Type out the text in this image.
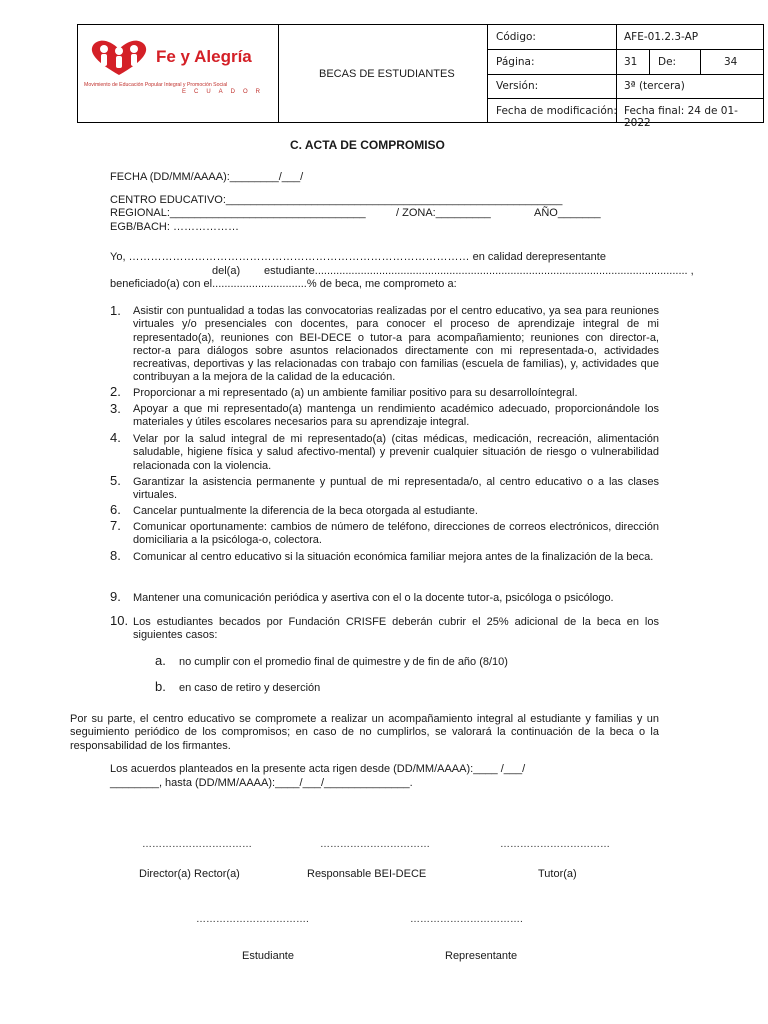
Fe y Alegría
Movimiento de Educación Popular Integral y Promoción Social
ECUADOR
BECAS DE ESTUDIANTES
Código:	AFE-01.2.3-AP
Página:	31 De:	34
Versión:	3ª (tercera)
Fecha de modificación: Fecha final: 24 de 01-2022
C. ACTA DE COMPROMISO
FECHA (DD/MM/AAAA):________/___/
CENTRO EDUCATIVO:_______________________________________________________
REGIONAL:________________________________	/ ZONA:_________	AÑO_______
EGB/BACH: ………………
Yo, ………………………………………………………………………………… en calidad derepresentante
del(a) estudiante.......................................................................................................................... ,
beneficiado(a) con el...............................% de beca, me comprometo a:
1. Asistir con puntualidad a todas las convocatorias realizadas por el centro educativo, ya sea para reuniones virtuales y/o presenciales con docentes, para conocer el proceso de aprendizaje integral de mi representado(a), reuniones con BEI-DECE o tutor-a para acompañamiento; reuniones con director-a, rector-a para diálogos sobre asuntos relacionados directamente con mi representada-o, actividades recreativas, deportivas y las relacionadas con trabajo con familias (escuela de familias), y, actividades que contribuyan a la mejora de la calidad de la educación.
2. Proporcionar a mi representado (a) un ambiente familiar positivo para su desarrolloíntegral.
3. Apoyar a que mi representado(a) mantenga un rendimiento académico adecuado, proporcionándole los materiales y útiles escolares necesarios para su aprendizaje integral.
4. Velar por la salud integral de mi representado(a) (citas médicas, medicación, recreación, alimentación saludable, higiene física y salud afectivo-mental) y prevenir cualquier situación de riesgo o vulnerabilidad relacionada con la violencia.
5. Garantizar la asistencia permanente y puntual de mi representada/o, al centro educativo o a las clases virtuales.
6. Cancelar puntualmente la diferencia de la beca otorgada al estudiante.
7. Comunicar oportunamente: cambios de número de teléfono, direcciones de correos electrónicos, dirección domiciliaria a la psicóloga-o, colectora.
8. Comunicar al centro educativo si la situación económica familiar mejora antes de la finalización de la beca.
9. Mantener una comunicación periódica y asertiva con el o la docente tutor-a, psicóloga o psicólogo.
10. Los estudiantes becados por Fundación CRISFE deberán cubrir el 25% adicional de la beca en los siguientes casos:
a. no cumplir con el promedio final de quimestre y de fin de año (8/10)
b. en caso de retiro y deserción
Por su parte, el centro educativo se compromete a realizar un acompañamiento integral al estudiante y familias y un seguimiento periódico de los compromisos; en caso de no cumplirlos, se valorará la continuación de la beca o la responsabilidad de los firmantes.
Los acuerdos planteados en la presente acta rigen desde (DD/MM/AAAA):____ /___/
________, hasta (DD/MM/AAAA):____/___/______________.
……………………………	……………………………	……………………………
Director(a) Rector(a)	Responsable BEI-DECE	Tutor(a)
…………………………….	…………………………….
Estudiante	Representante
